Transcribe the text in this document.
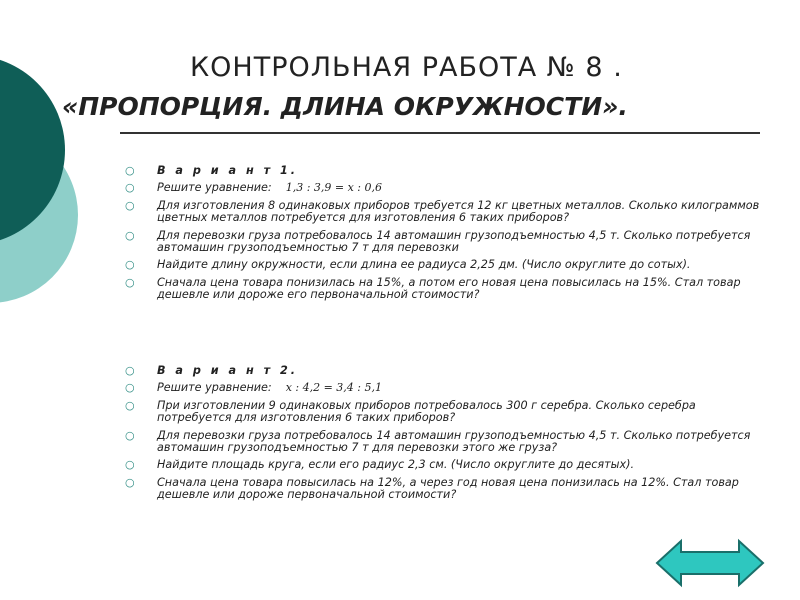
КОНТРОЛЬНАЯ РАБОТА № 8 .
«ПРОПОРЦИЯ. ДЛИНА ОКРУЖНОСТИ».

○ В а р и а н т 1.

○ Решите уравнение: 1,3 : 3,9 = x : 0,6

○ Для изготовления 8 одинаковых приборов требуется 12 кг цветных металлов. Сколько килограммов цветных металлов потребуется для изготовления 6 таких приборов?

○ Для перевозки груза потребовалось 14 автомашин грузоподъемностью 4,5 т. Сколько потребуется автомашин грузоподъемностью 7 т для перевозки

○ Найдите длину окружности, если длина ее радиуса 2,25 дм. (Число округлите до сотых).

○ Сначала цена товара понизилась на 15%, а потом его новая цена повысилась на 15%. Стал товар дешевле или дороже его первоначальной стоимости?

○ В а р и а н т 2.

○ Решите уравнение: x : 4,2 = 3,4 : 5,1

○ При изготовлении 9 одинаковых приборов потребовалось 300 г серебра. Сколько серебра потребуется для изготовления 6 таких приборов?

○ Для перевозки груза потребовалось 14 автомашин грузоподъемностью 4,5 т. Сколько потребуется автомашин грузоподъемностью 7 т для перевозки этого же груза?

○ Найдите площадь круга, если его радиус 2,3 см. (Число округлите до десятых).

○ Сначала цена товара повысилась на 12%, а через год новая цена понизилась на 12%. Стал товар дешевле или дороже первоначальной стоимости?
